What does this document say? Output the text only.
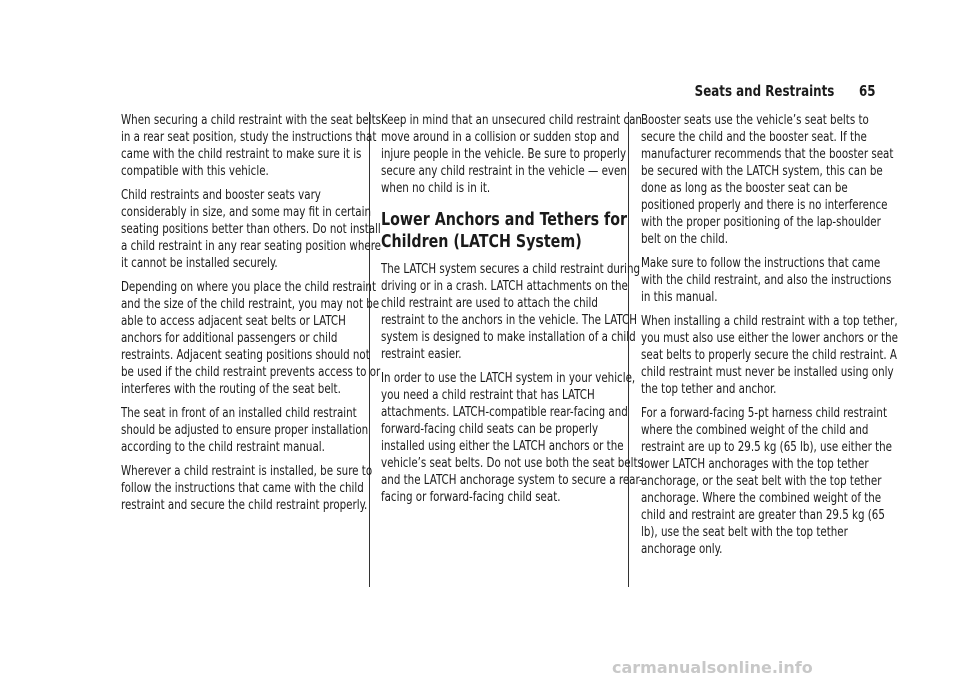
Seats and Restraints 65

When securing a child restraint with the seat belts in a rear seat position, study the instructions that came with the child restraint to make sure it is compatible with this vehicle.

Child restraints and booster seats vary considerably in size, and some may fit in certain seating positions better than others. Do not install a child restraint in any rear seating position where it cannot be installed securely.

Depending on where you place the child restraint and the size of the child restraint, you may not be able to access adjacent seat belts or LATCH anchors for additional passengers or child restraints. Adjacent seating positions should not be used if the child restraint prevents access to or interferes with the routing of the seat belt.

The seat in front of an installed child restraint should be adjusted to ensure proper installation according to the child restraint manual.

Wherever a child restraint is installed, be sure to follow the instructions that came with the child restraint and secure the child restraint properly.

Keep in mind that an unsecured child restraint can move around in a collision or sudden stop and injure people in the vehicle. Be sure to properly secure any child restraint in the vehicle — even when no child is in it.

Lower Anchors and Tethers for Children (LATCH System)

The LATCH system secures a child restraint during driving or in a crash. LATCH attachments on the child restraint are used to attach the child restraint to the anchors in the vehicle. The LATCH system is designed to make installation of a child restraint easier.

In order to use the LATCH system in your vehicle, you need a child restraint that has LATCH attachments. LATCH-compatible rear-facing and forward-facing child seats can be properly installed using either the LATCH anchors or the vehicle’s seat belts. Do not use both the seat belts and the LATCH anchorage system to secure a rear-facing or forward-facing child seat.

Booster seats use the vehicle’s seat belts to secure the child and the booster seat. If the manufacturer recommends that the booster seat be secured with the LATCH system, this can be done as long as the booster seat can be positioned properly and there is no interference with the proper positioning of the lap-shoulder belt on the child.

Make sure to follow the instructions that came with the child restraint, and also the instructions in this manual.

When installing a child restraint with a top tether, you must also use either the lower anchors or the seat belts to properly secure the child restraint. A child restraint must never be installed using only the top tether and anchor.

For a forward-facing 5-pt harness child restraint where the combined weight of the child and restraint are up to 29.5 kg (65 lb), use either the lower LATCH anchorages with the top tether anchorage, or the seat belt with the top tether anchorage. Where the combined weight of the child and restraint are greater than 29.5 kg (65 lb), use the seat belt with the top tether anchorage only.

carmanualsonline.info
